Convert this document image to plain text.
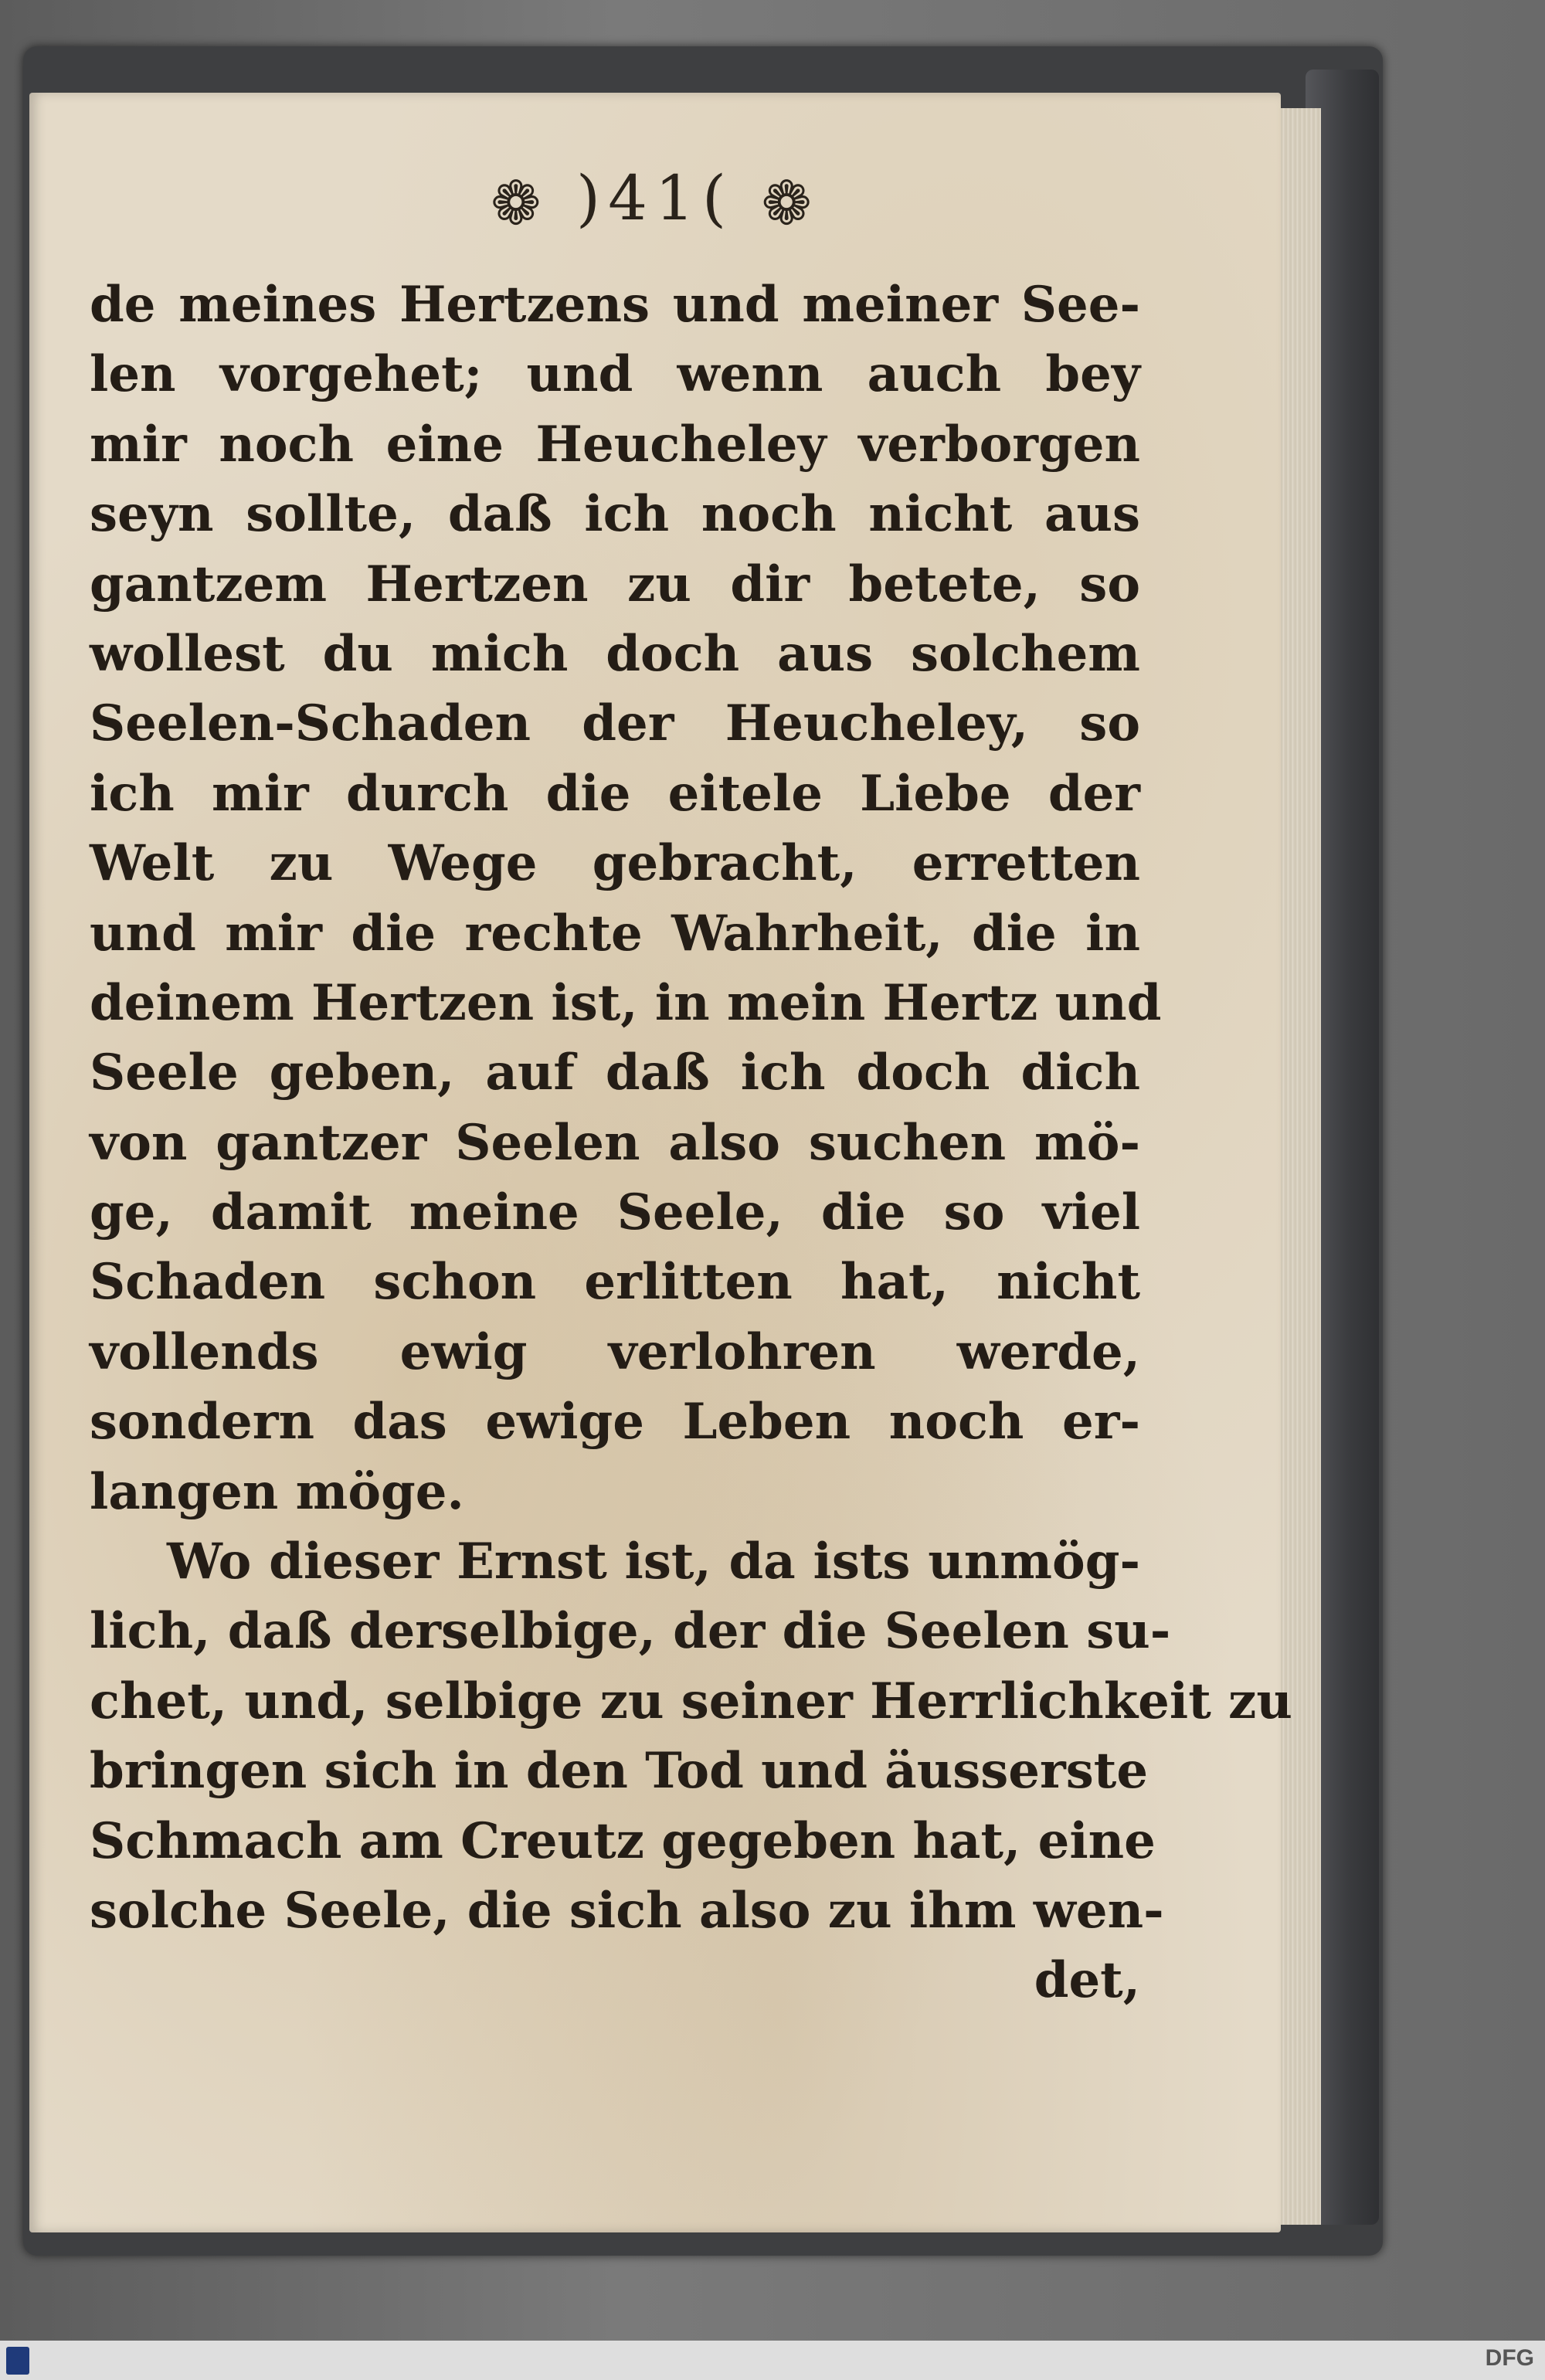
❁ )41( ❁
de meines Hertzens und meiner See-
len vorgehet; und wenn auch bey
mir noch eine Heucheley verborgen
seyn sollte, daß ich noch nicht aus
gantzem Hertzen zu dir betete, so
wollest du mich doch aus solchem
Seelen-Schaden der Heucheley, so
ich mir durch die eitele Liebe der
Welt zu Wege gebracht, erretten
und mir die rechte Wahrheit, die in
deinem Hertzen ist, in mein Hertz und
Seele geben, auf daß ich doch dich
von gantzer Seelen also suchen mö-
ge, damit meine Seele, die so viel
Schaden schon erlitten hat, nicht
vollends ewig verlohren werde,
sondern das ewige Leben noch er-
langen möge.
Wo dieser Ernst ist, da ists unmög-
lich, daß derselbige, der die Seelen su-
chet, und, selbige zu seiner Herrlichkeit zu
bringen sich in den Tod und äusserste
Schmach am Creutz gegeben hat, eine
solche Seele, die sich also zu ihm wen-
det,
DFG
